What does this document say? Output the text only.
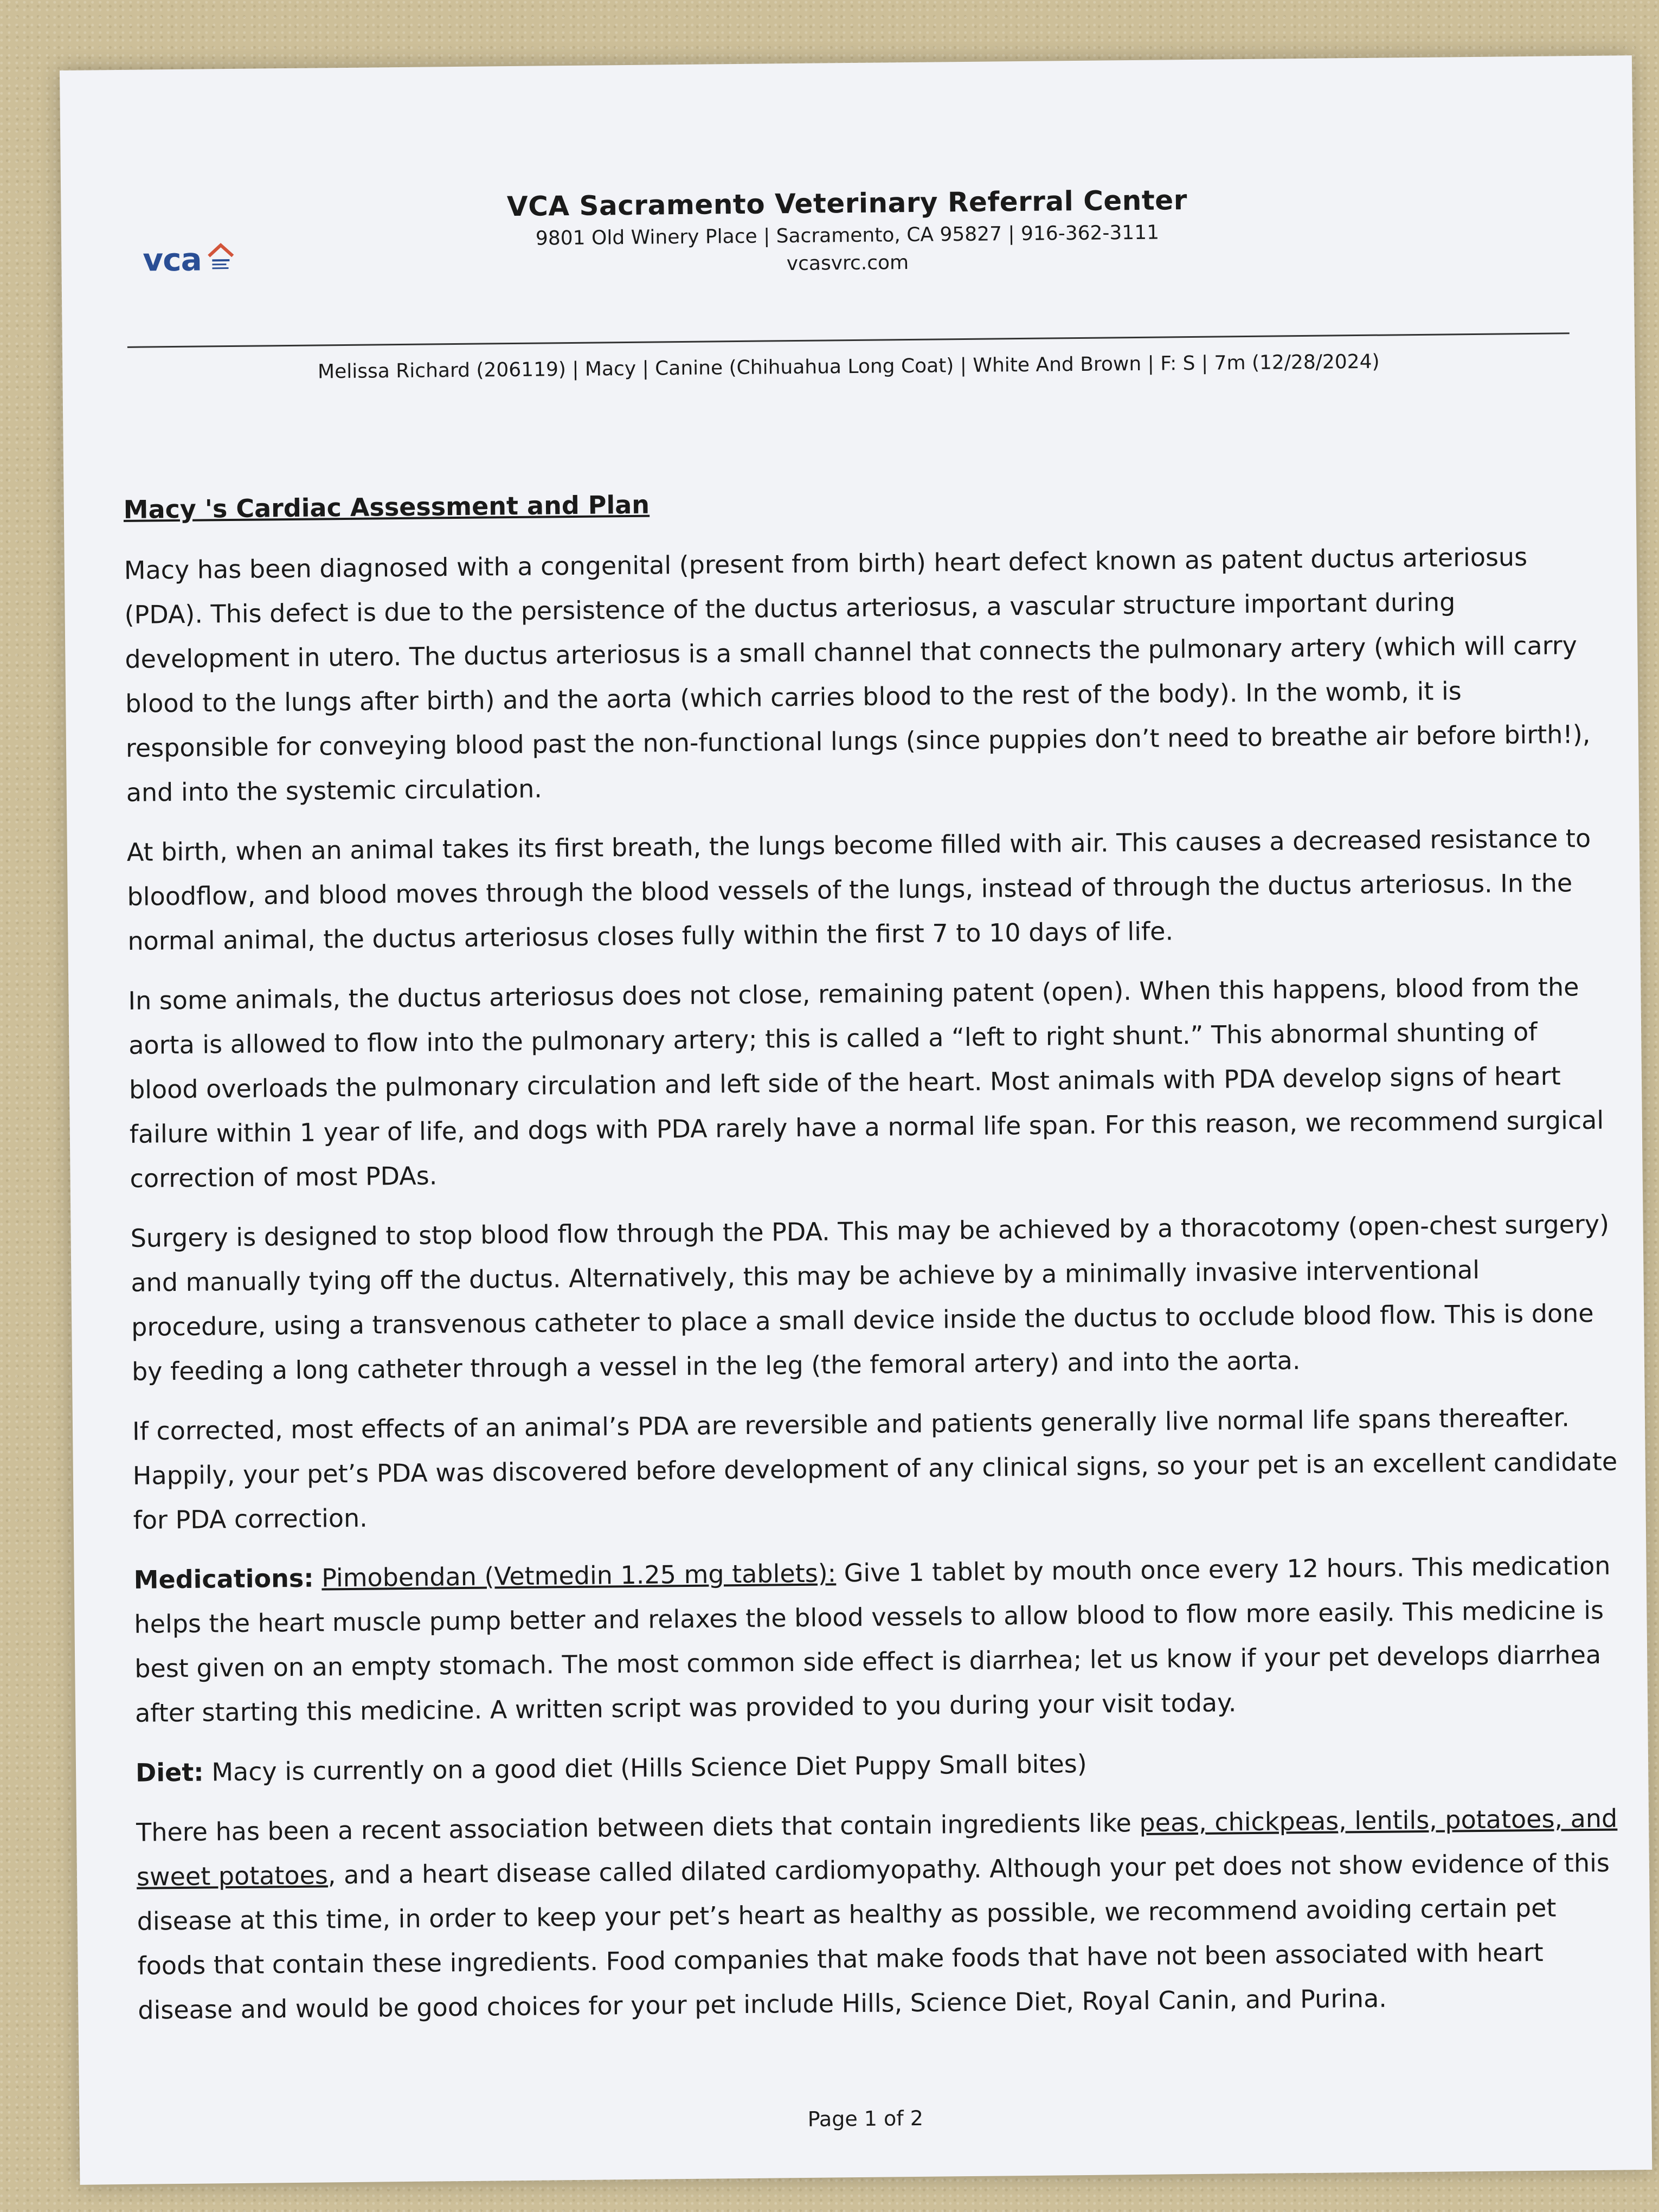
vca
VCA Sacramento Veterinary Referral Center
9801 Old Winery Place | Sacramento, CA 95827 | 916-362-3111
vcasvrc.com
Melissa Richard (206119) | Macy | Canine (Chihuahua Long Coat) | White And Brown | F: S | 7m (12/28/2024)
Macy 's Cardiac Assessment and Plan

Macy has been diagnosed with a congenital (present from birth) heart defect known as patent ductus arteriosus (PDA). This defect is due to the persistence of the ductus arteriosus, a vascular structure important during development in utero. The ductus arteriosus is a small channel that connects the pulmonary artery (which will carry blood to the lungs after birth) and the aorta (which carries blood to the rest of the body). In the womb, it is responsible for conveying blood past the non-functional lungs (since puppies don’t need to breathe air before birth!), and into the systemic circulation.

At birth, when an animal takes its first breath, the lungs become filled with air. This causes a decreased resistance to bloodflow, and blood moves through the blood vessels of the lungs, instead of through the ductus arteriosus. In the normal animal, the ductus arteriosus closes fully within the first 7 to 10 days of life.

In some animals, the ductus arteriosus does not close, remaining patent (open). When this happens, blood from the aorta is allowed to flow into the pulmonary artery; this is called a “left to right shunt.” This abnormal shunting of blood overloads the pulmonary circulation and left side of the heart. Most animals with PDA develop signs of heart failure within 1 year of life, and dogs with PDA rarely have a normal life span. For this reason, we recommend surgical correction of most PDAs.

Surgery is designed to stop blood flow through the PDA. This may be achieved by a thoracotomy (open-chest surgery) and manually tying off the ductus. Alternatively, this may be achieve by a minimally invasive interventional procedure, using a transvenous catheter to place a small device inside the ductus to occlude blood flow. This is done by feeding a long catheter through a vessel in the leg (the femoral artery) and into the aorta.

If corrected, most effects of an animal’s PDA are reversible and patients generally live normal life spans thereafter. Happily, your pet’s PDA was discovered before development of any clinical signs, so your pet is an excellent candidate for PDA correction.

Medications: Pimobendan (Vetmedin 1.25 mg tablets): Give 1 tablet by mouth once every 12 hours. This medication helps the heart muscle pump better and relaxes the blood vessels to allow blood to flow more easily. This medicine is best given on an empty stomach. The most common side effect is diarrhea; let us know if your pet develops diarrhea after starting this medicine. A written script was provided to you during your visit today.

Diet: Macy is currently on a good diet (Hills Science Diet Puppy Small bites)

There has been a recent association between diets that contain ingredients like peas, chickpeas, lentils, potatoes, and sweet potatoes, and a heart disease called dilated cardiomyopathy. Although your pet does not show evidence of this disease at this time, in order to keep your pet’s heart as healthy as possible, we recommend avoiding certain pet foods that contain these ingredients. Food companies that make foods that have not been associated with heart disease and would be good choices for your pet include Hills, Science Diet, Royal Canin, and Purina.

Page 1 of 2
